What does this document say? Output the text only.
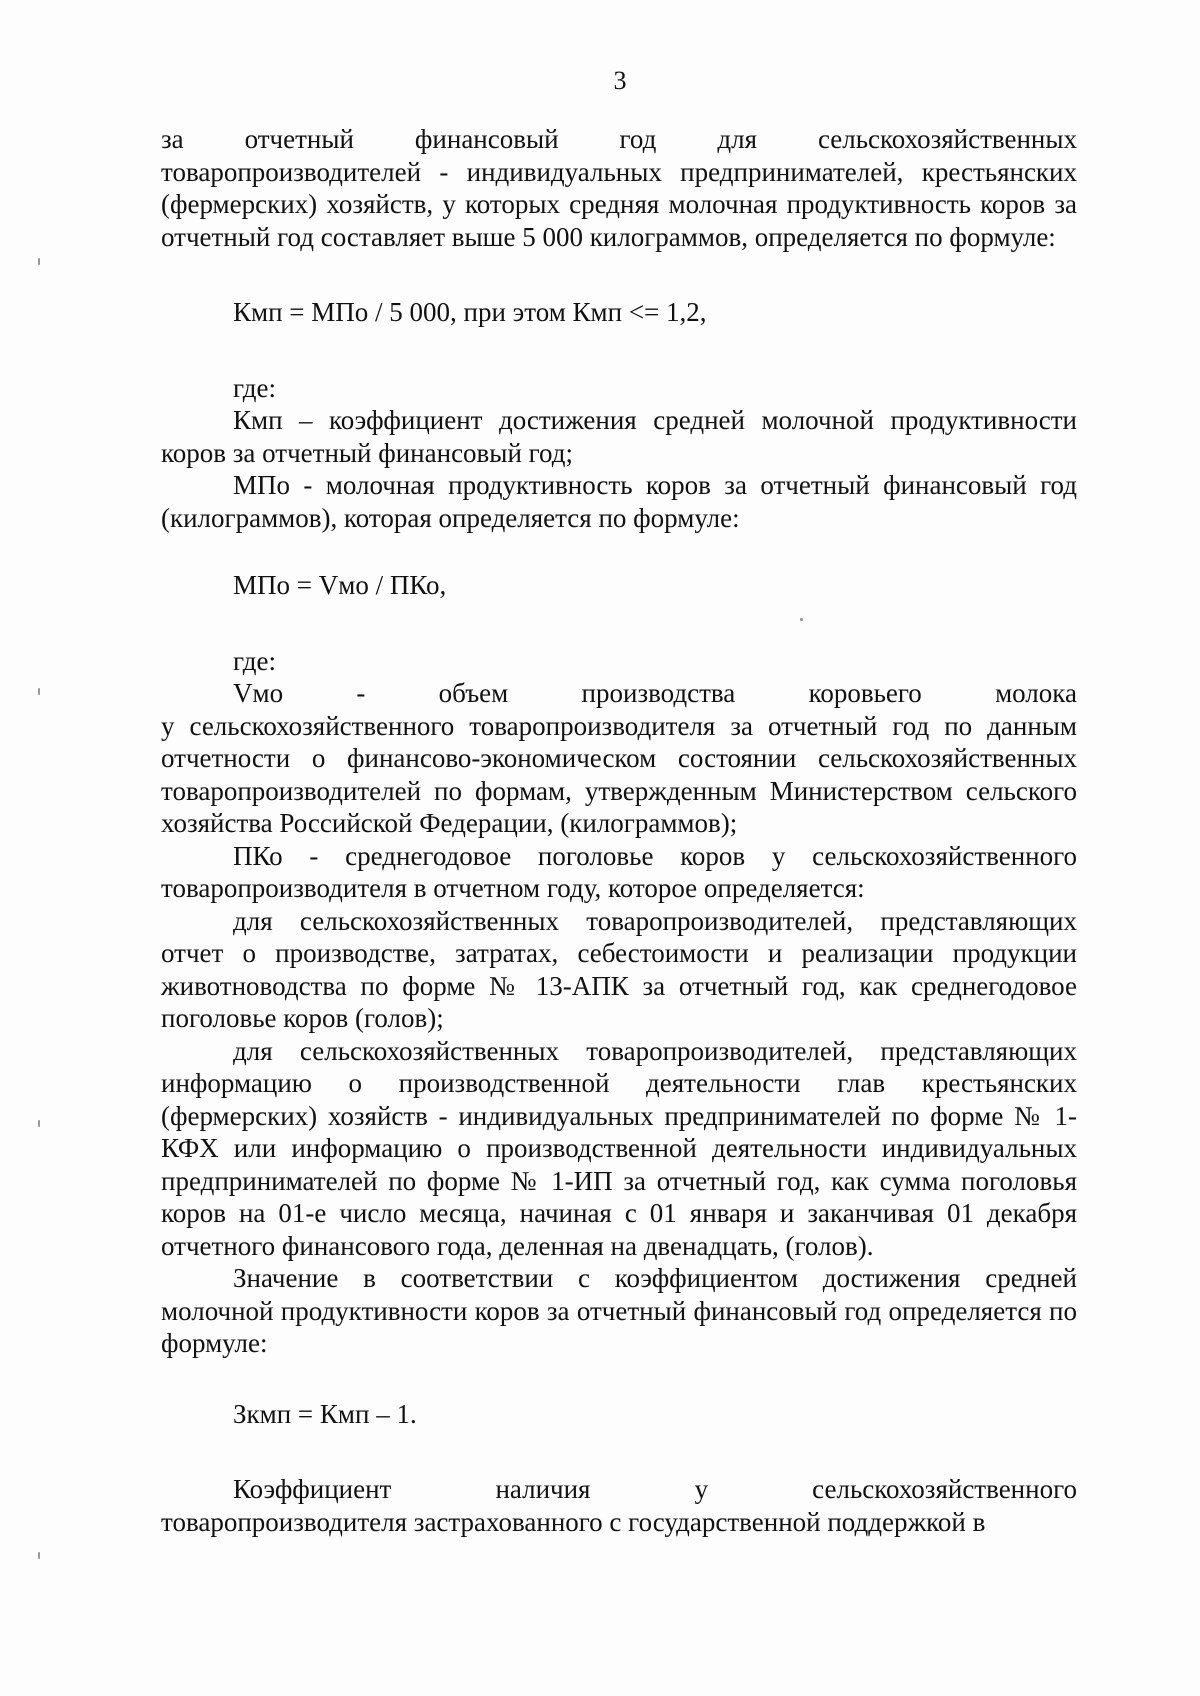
3

за отчетный финансовый год для сельскохозяйственных
товаропроизводителей - индивидуальных предпринимателей, крестьянских (фермерских) хозяйств, у которых средняя молочная продуктивность коров за отчетный год составляет выше 5 000 килограммов, определяется по формуле:

Кмп = МПо / 5 000, при этом Кмп <= 1,2,

где:

Кмп – коэффициент достижения средней молочной продуктивности коров за отчетный финансовый год;

МПо - молочная продуктивность коров за отчетный финансовый год (килограммов), которая определяется по формуле:

МПо = Vмо / ПКо,

где:

Vмо	-	объем	производства	коровьего	молока
у сельскохозяйственного товаропроизводителя за отчетный год по данным отчетности о финансово-экономическом состоянии сельскохозяйственных товаропроизводителей по формам, утвержденным Министерством сельского хозяйства Российской Федерации, (килограммов);

ПКо - среднегодовое поголовье коров у сельскохозяйственного товаропроизводителя в отчетном году, которое определяется:

для сельскохозяйственных товаропроизводителей, представляющих отчет о производстве, затратах, себестоимости и реализации продукции животноводства по форме № 13-АПК за отчетный год, как среднегодовое поголовье коров (голов);

для сельскохозяйственных товаропроизводителей, представляющих информацию о производственной деятельности глав крестьянских (фермерских) хозяйств - индивидуальных предпринимателей по форме № 1-КФХ или информацию о производственной деятельности индивидуальных предпринимателей по форме № 1-ИП за отчетный год, как сумма поголовья коров на 01-е число месяца, начиная с 01 января и заканчивая 01 декабря отчетного финансового года, деленная на двенадцать, (голов).

Значение в соответствии с коэффициентом достижения средней молочной продуктивности коров за отчетный финансовый год определяется по формуле:

Зкмп = Кмп – 1.

Коэффициент	наличия	у	сельскохозяйственного
товаропроизводителя застрахованного с государственной поддержкой в
